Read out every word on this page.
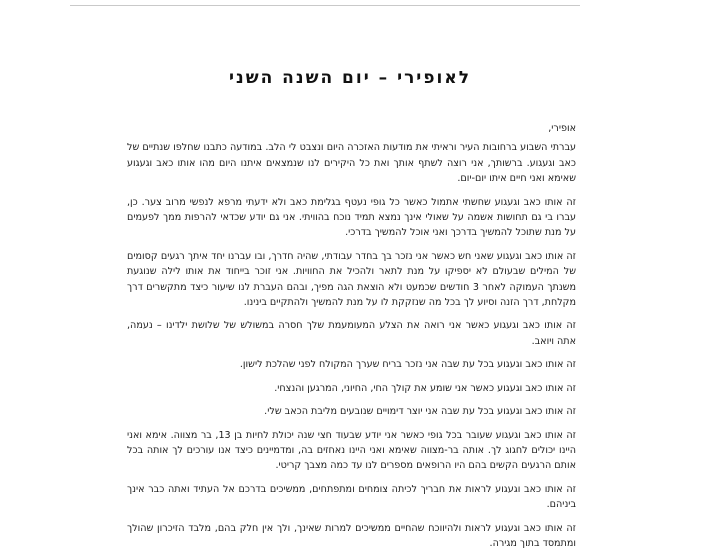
לאופירי – יום השנה השני

אופירי,

עברתי השבוע ברחובות העיר וראיתי את מודעות האזכרה היום ונצבט לי הלב. במודעה כתבנו שחלפו שנתיים של כאב וגעגוע. ברשותך, אני רוצה לשתף אותך ואת כל היקירים לנו שנמצאים איתנו היום מהו אותו כאב וגעגוע שאימא ואני חיים איתו יום-יום.

זה אותו כאב וגעגוע שחשתי אתמול כאשר כל גופי נעטף בגלימת כאב ולא ידעתי מרפא לנפשי מרוב צער. כן, עברו בי גם תחושות אשמה על שאולי אינך נמצא תמיד נוכח בהוויתי. אני גם יודע שכדאי להרפות ממך לפעמים על מנת שתוכל להמשיך בדרכך ואני אוכל להמשיך בדרכי.

זה אותו כאב וגעגוע שאני חש כאשר אני נזכר בך בחדר עבודתי, שהיה חדרך, ובו עברנו יחד איתך רגעים קסומים של המילים שבעולם לא יספיקו על מנת לתאר ולהכיל את החוויות. אני זוכר בייחוד את אותו לילה שנוגעת משנתך העמוקה לאחר 3 חודשים שכמעט ולא הוצאת הגה מפיך, ובהם העברת לנו שיעור כיצד מתקשרים דרך מקלחת, דרך הזנה וסיוע לך בכל מה שנזקקת לו על מנת להמשיך ולהתקיים בינינו.

זה אותו כאב וגעגוע כאשר אני רואה את הצלע המעומעמת שלך חסרה במשולש של שלושת ילדינו – נעמה, אתה ויואב.

זה אותו כאב וגעגוע בכל עת שבה אני נזכר בריח שערך המקולח לפני שהלכת לישון.

זה אותו כאב וגעגוע כאשר אני שומע את קולך החי, החיוני, המרגען והנצחי.

זה אותו כאב וגעגוע בכל עת שבה אני יוצר דימויים שנובעים מליבת הכאב שלי.

זה אותו כאב וגעגוע שעובר בכל גופי כאשר אני יודע שבעוד חצי שנה יכולת לחיות בן 13, בר מצווה. אימא ואני היינו יכולים לחגוג לך. אותה בר-מצווה שאימא ואני היינו נאחזים בה, ומדמיינים כיצד אנו עורכים לך אותה בכל אותם הרגעים הקשים בהם היו הרופאים מספרים לנו עד כמה מצבך קריטי.

זה אותו כאב וגעגוע לראות את חבריך לכיתה צומחים ומתפתחים, ממשיכים בדרכם אל העתיד ואתה כבר אינך ביניהם.

זה אותו כאב וגעגוע לראות ולהיווכח שהחיים ממשיכים למרות שאינך, ולך אין חלק בהם, מלבד הזיכרון שהולך ומתמסד בתוך מגירה.
